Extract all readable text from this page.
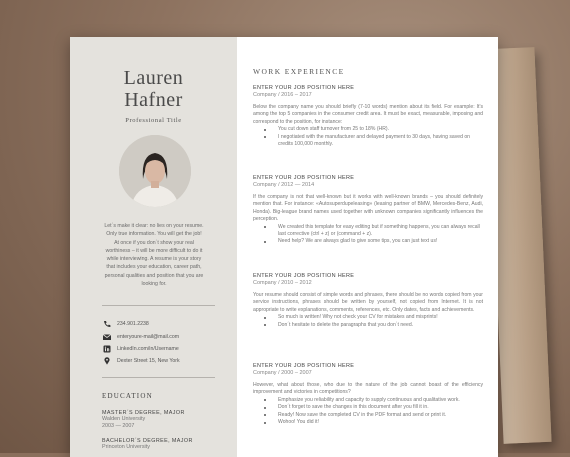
Lauren
Hafner
Professional Title
Let´s make it clear: no lies on your resume. Only true information. You will get the job! At once if you don´t show your real worthiness – it will be more difficult to do it while interviewing. A resume is your story that includes your education, career path, personal qualities and position that you are looking for.
234.901.2238
enteryoure-mail@mail.com
LinkedIn.com/in/Username
Dexter Street 15, New York
EDUCATION
MASTER´S DEGREE, MAJOR
Walden University
2003 — 2007
BACHELOR´S DEGREE, MAJOR
Princeton University
WORK EXPERIENCE
ENTER YOUR JOB POSITION HERE
Company / 2016 – 2017
Below the company name you should briefly (7-10 words) mention about its field. For example: It's among the top 5 companies in the consumer credit area. It must be exact, measurable, imposing and correspond to the position, for instance:
You cut down staff turnover from 25 to 18% (HR).
I negotiated with the manufacturer and delayed payment to 30 days, having saved on credits 100,000 monthly.
ENTER YOUR JOB POSITION HERE
Company / 2012 — 2014
If the company is not that well-known but it works with well-known brands – you should definitely mention that. For instance: «Autosuperdupeleasing» (leasing partner of BMW, Mercedes-Benz, Audi, Honda). Big-league brand names used together with unknown companies significantly influences the perception.
We created this template for easy editing but if something happens, you can always recall last corrective (ctrl + z) or (command + z).
Need help? We are always glad to give some tips, you can just text us!
ENTER YOUR JOB POSITION HERE
Company / 2010 – 2012
Your resume should consist of simple words and phrases, there should be no words copied from your service instructions, phrases should be written by yourself, not copied from Internet. It is not appropriate to write explanations, comments, references, etc. Only dates, facts and achievements.
So much is written! Why not check your CV for mistakes and misprints!
Don´t hesitate to delete the paragraphs that you don´t need.
ENTER YOUR JOB POSITION HERE
Company / 2000 – 2007
However, what about those, who due to the nature of the job cannot boast of the efficiency improvement and victories in competitions?
Emphasize you reliability and capacity to supply continuous and qualitative work.
Don´t forget to save the changes in this document after you fill it in.
Ready! Now save the completed CV in the PDF format and send or print it.
Wohoo! You did it!
